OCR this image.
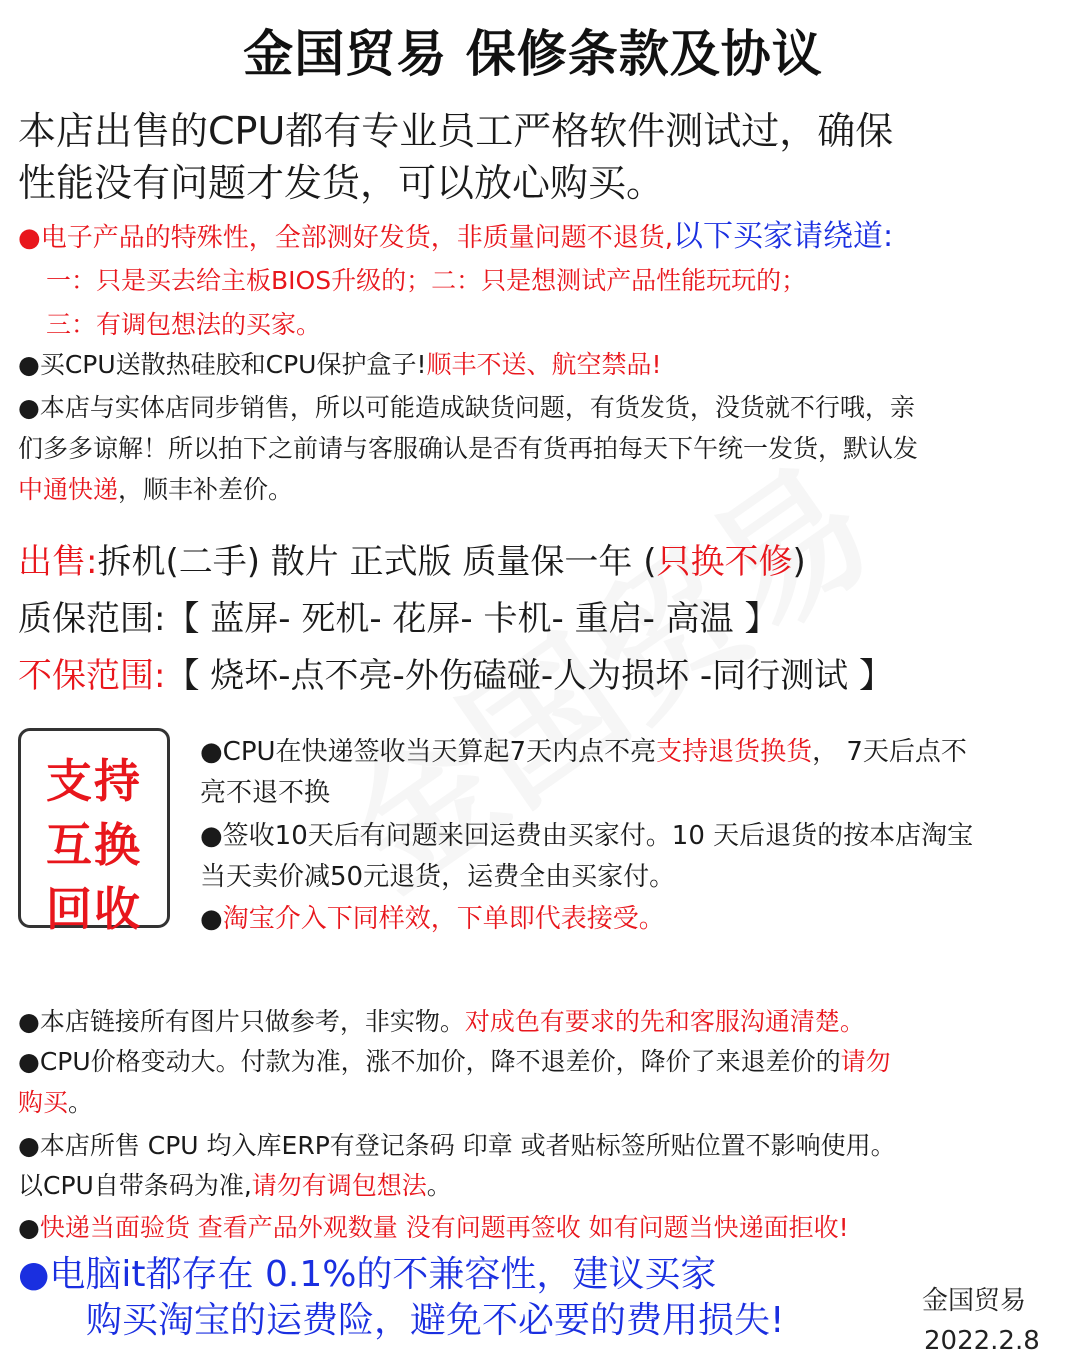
金国贸易 保修条款及协议
本店出售的CPU都有专业员工严格软件测试过，确保
性能没有问题才发货，可以放心购买。
●电子产品的特殊性，全部测好发货，非质量问题不退货,以下买家请绕道:
一：只是买去给主板BIOS升级的；二：只是想测试产品性能玩玩的；
三：有调包想法的买家。
●买CPU送散热硅胶和CPU保护盒子!顺丰不送、航空禁品!
●本店与实体店同步销售，所以可能造成缺货问题，有货发货，没货就不行哦，亲
们多多谅解！所以拍下之前请与客服确认是否有货再拍每天下午统一发货，默认发
中通快递，顺丰补差价。
出售:拆机(二手) 散片 正式版 质量保一年 (只换不修)
质保范围:【 蓝屏- 死机- 花屏- 卡机- 重启- 高温 】
不保范围:【 烧坏-点不亮-外伤磕碰-人为损坏 -同行测试 】
支持
互换
回收
●CPU在快递签收当天算起7天内点不亮支持退货换货， 7天后点不
亮不退不换
●签收10天后有问题来回运费由买家付。10 天后退货的按本店淘宝
当天卖价减50元退货，运费全由买家付。
●淘宝介入下同样效，下单即代表接受。
●本店链接所有图片只做参考，非实物。对成色有要求的先和客服沟通清楚。
●CPU价格变动大。付款为准，涨不加价，降不退差价，降价了来退差价的请勿
购买。
●本店所售 CPU 均入库ERP有登记条码 印章 或者贴标签所贴位置不影响使用。
以CPU自带条码为准,请勿有调包想法。
●快递当面验货 查看产品外观数量 没有问题再签收 如有问题当快递面拒收!
●电脑it都存在 0.1%的不兼容性，建议买家
购买淘宝的运费险，避免不必要的费用损失!	金国贸易
2022.2.8
